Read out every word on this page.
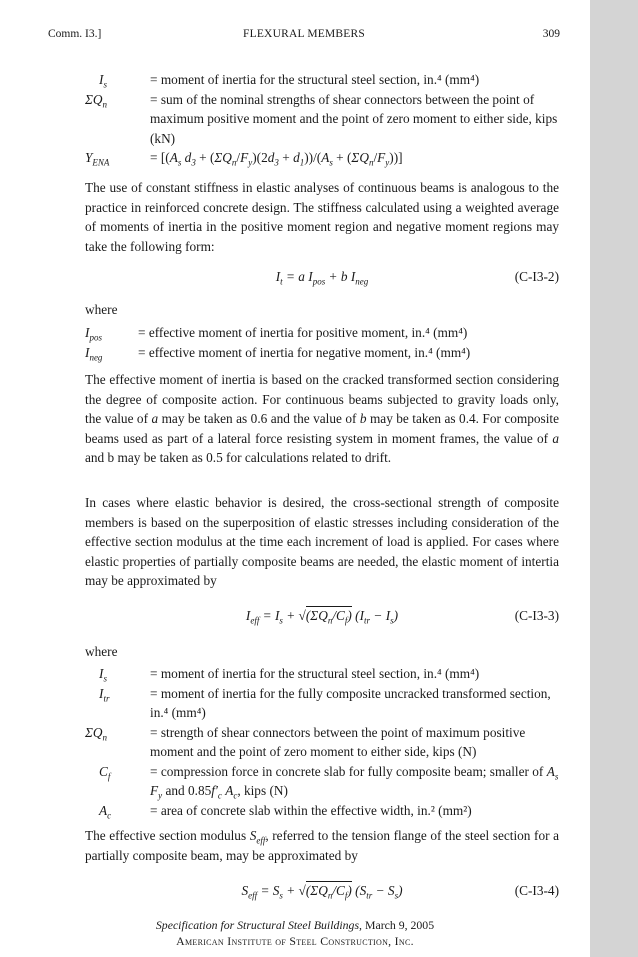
Comm. I3.]	FLEXURAL MEMBERS	309
$I_s$	= moment of inertia for the structural steel section, in.⁴ (mm⁴)
$\Sigma Q_n$	= sum of the nominal strengths of shear connectors between the point of maximum positive moment and the point of zero moment to either side, kips (kN)
$Y_{ENA}$	= [($A_s$ $d_3 + (\Sigma Q_n/F_y)(2d_3 + d_1))/(A_s + (\Sigma Q_n/F_y))$]

The use of constant stiffness in elastic analyses of continuous beams is analogous to the practice in reinforced concrete design. The stiffness calculated using a weighted average of moments of inertia in the positive moment region and negative moment regions may take the following form:

$I_t = a$ $I_{pos} + b$ $I_{neg}$	(C-I3-2)
where
$I_{pos}$	= effective moment of inertia for positive moment, in.⁴ (mm⁴)
$I_{neg}$	= effective moment of inertia for negative moment, in.⁴ (mm⁴)

The effective moment of inertia is based on the cracked transformed section considering the degree of composite action. For continuous beams subjected to gravity loads only, the value of a may be taken as 0.6 and the value of b may be taken as 0.4. For composite beams used as part of a lateral force resisting system in moment frames, the value of a and b may be taken as 0.5 for calculations related to drift.

In cases where elastic behavior is desired, the cross-sectional strength of composite members is based on the superposition of elastic stresses including consideration of the effective section modulus at the time each increment of load is applied. For cases where elastic properties of partially composite beams are needed, the elastic moment of intertia may be approximated by

$I_{eff} = I_s + √(\Sigma Q_n/C_f) (I_{tr} - I_s)$	(C-I3-3)
where
$I_s$	= moment of inertia for the structural steel section, in.⁴ (mm⁴)
$I_{tr}$	= moment of inertia for the fully composite uncracked transformed section, in.⁴ (mm⁴)
$\Sigma Q_n$	= strength of shear connectors between the point of maximum positive moment and the point of zero moment to either side, kips (N)
$C_f$	= compression force in concrete slab for fully composite beam; smaller of $A_s$ $F_y$ and $0.85f'_c$ $A_c$, kips (N)
$A_c$	= area of concrete slab within the effective width, in.² (mm²)

The effective section modulus $S_{eff}$, referred to the tension flange of the steel section for a partially composite beam, may be approximated by

$S_{eff} = S_s + √(\Sigma Q_n/C_f) (S_{tr} - S_s)$	(C-I3-4)
Specification for Structural Steel Buildings, March 9, 2005
American Institute of Steel Construction, Inc.
